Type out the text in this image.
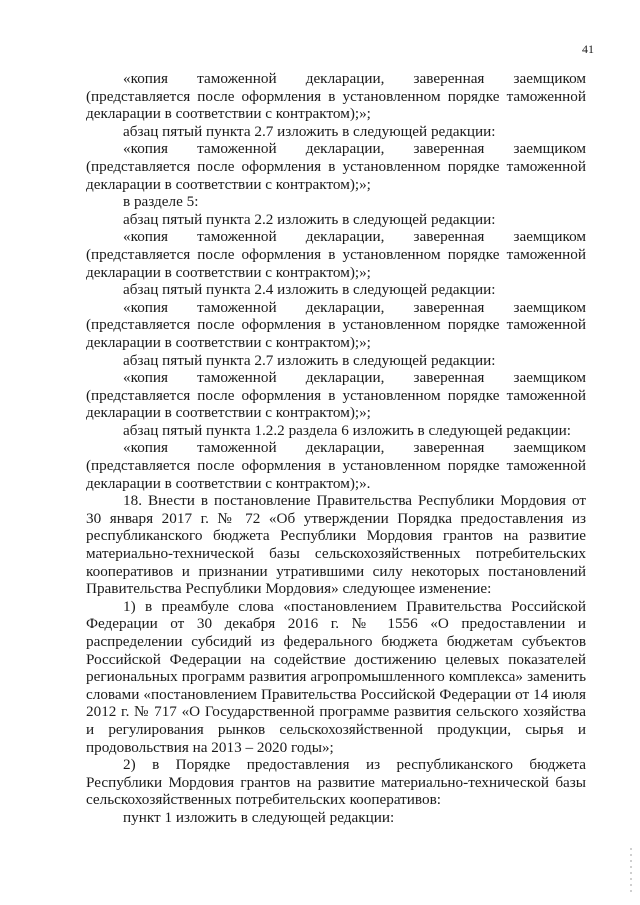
41

«копия таможенной декларации, заверенная заемщиком (представляется после оформления в установленном порядке таможенной декларации в соответствии с контрактом);»;

абзац пятый пункта 2.7 изложить в следующей редакции:

«копия таможенной декларации, заверенная заемщиком (представляется после оформления в установленном порядке таможенной декларации в соответствии с контрактом);»;

в разделе 5:

абзац пятый пункта 2.2 изложить в следующей редакции:

«копия таможенной декларации, заверенная заемщиком (представляется после оформления в установленном порядке таможенной декларации в соответствии с контрактом);»;

абзац пятый пункта 2.4 изложить в следующей редакции:

«копия таможенной декларации, заверенная заемщиком (представляется после оформления в установленном порядке таможенной декларации в соответствии с контрактом);»;

абзац пятый пункта 2.7 изложить в следующей редакции:

«копия таможенной декларации, заверенная заемщиком (представляется после оформления в установленном порядке таможенной декларации в соответствии с контрактом);»;

абзац пятый пункта 1.2.2 раздела 6 изложить в следующей редакции:

«копия таможенной декларации, заверенная заемщиком (представляется после оформления в установленном порядке таможенной декларации в соответствии с контрактом);».

18. Внести в постановление Правительства Республики Мордовия от 30 января 2017 г. № 72 «Об утверждении Порядка предоставления из республиканского бюджета Республики Мордовия грантов на развитие материально-технической базы сельскохозяйственных потребительских кооперативов и признании утратившими силу некоторых постановлений Правительства Республики Мордовия» следующее изменение:

1) в преамбуле слова «постановлением Правительства Российской Федерации от 30 декабря 2016 г. № 1556 «О предоставлении и распределении субсидий из федерального бюджета бюджетам субъектов Российской Федерации на содействие достижению целевых показателей региональных программ развития агропромышленного комплекса» заменить словами «постановлением Правительства Российской Федерации от 14 июля 2012 г. № 717 «О Государственной программе развития сельского хозяйства и регулирования рынков сельскохозяйственной продукции, сырья и продовольствия на 2013 – 2020 годы»;

2) в Порядке предоставления из республиканского бюджета Республики Мордовия грантов на развитие материально-технической базы сельскохозяйственных потребительских кооперативов:

пункт 1 изложить в следующей редакции:
